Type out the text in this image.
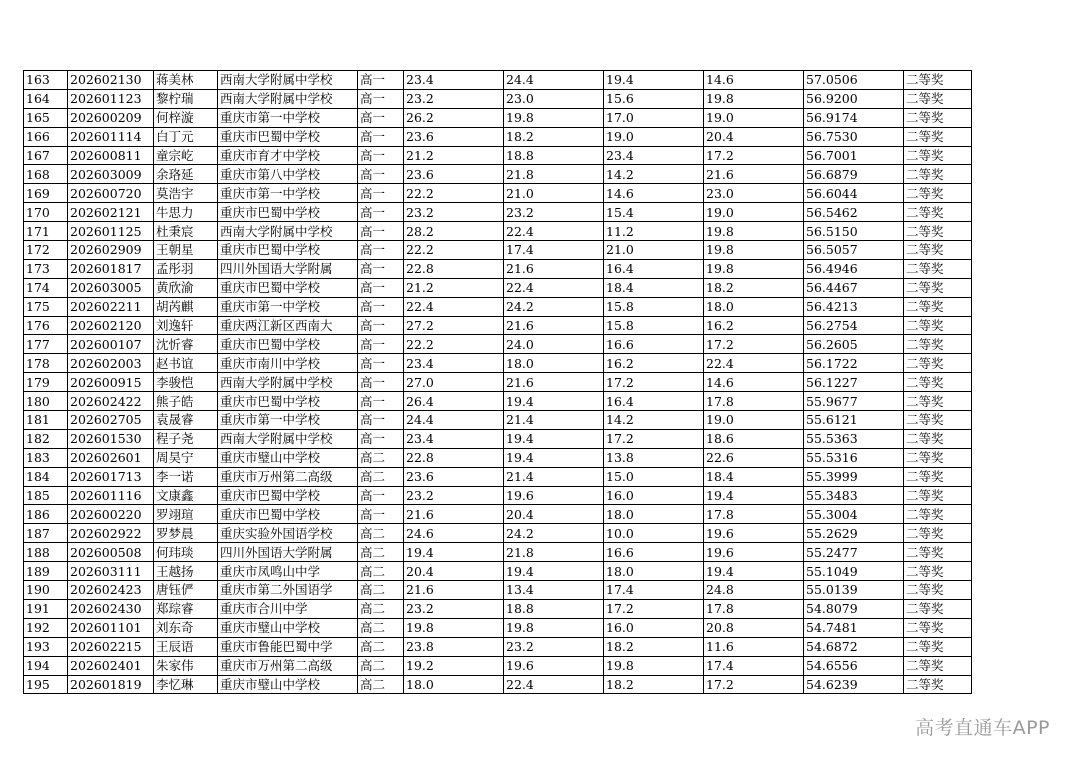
163	202602130	蒋美林	西南大学附属中学校	高一	23.4	24.4	19.4	14.6	57.0506	二等奖
164	202601123	黎柠瑞	西南大学附属中学校	高一	23.2	23.0	15.6	19.8	56.9200	二等奖
165	202600209	何梓漩	重庆市第一中学校	高一	26.2	19.8	17.0	19.0	56.9174	二等奖
166	202601114	白丁元	重庆市巴蜀中学校	高一	23.6	18.2	19.0	20.4	56.7530	二等奖
167	202600811	童宗屹	重庆市育才中学校	高一	21.2	18.8	23.4	17.2	56.7001	二等奖
168	202603009	余珞延	重庆市第八中学校	高一	23.6	21.8	14.2	21.6	56.6879	二等奖
169	202600720	莫浩宇	重庆市第一中学校	高一	22.2	21.0	14.6	23.0	56.6044	二等奖
170	202602121	牛思力	重庆市巴蜀中学校	高一	23.2	23.2	15.4	19.0	56.5462	二等奖
171	202601125	杜秉宸	西南大学附属中学校	高一	28.2	22.4	11.2	19.8	56.5150	二等奖
172	202602909	王朝星	重庆市巴蜀中学校	高一	22.2	17.4	21.0	19.8	56.5057	二等奖
173	202601817	孟彤羽	四川外国语大学附属	高一	22.8	21.6	16.4	19.8	56.4946	二等奖
174	202603005	黄欣渝	重庆市巴蜀中学校	高一	21.2	22.4	18.4	18.2	56.4467	二等奖
175	202602211	胡芮麒	重庆市第一中学校	高一	22.4	24.2	15.8	18.0	56.4213	二等奖
176	202602120	刘逸轩	重庆两江新区西南大	高一	27.2	21.6	15.8	16.2	56.2754	二等奖
177	202600107	沈忻睿	重庆市巴蜀中学校	高一	22.2	24.0	16.6	17.2	56.2605	二等奖
178	202602003	赵书谊	重庆市南川中学校	高一	23.4	18.0	16.2	22.4	56.1722	二等奖
179	202600915	李骏恺	西南大学附属中学校	高一	27.0	21.6	17.2	14.6	56.1227	二等奖
180	202602422	熊子皓	重庆市巴蜀中学校	高一	26.4	19.4	16.4	17.8	55.9677	二等奖
181	202602705	袁晟睿	重庆市第一中学校	高一	24.4	21.4	14.2	19.0	55.6121	二等奖
182	202601530	程子尧	西南大学附属中学校	高一	23.4	19.4	17.2	18.6	55.5363	二等奖
183	202602601	周昊宁	重庆市璧山中学校	高二	22.8	19.4	13.8	22.6	55.5316	二等奖
184	202601713	李一诺	重庆市万州第二高级	高二	23.6	21.4	15.0	18.4	55.3999	二等奖
185	202601116	文康鑫	重庆市巴蜀中学校	高一	23.2	19.6	16.0	19.4	55.3483	二等奖
186	202600220	罗翊瑄	重庆市巴蜀中学校	高一	21.6	20.4	18.0	17.8	55.3004	二等奖
187	202602922	罗梦晨	重庆实验外国语学校	高二	24.6	24.2	10.0	19.6	55.2629	二等奖
188	202600508	何玮琰	四川外国语大学附属	高二	19.4	21.8	16.6	19.6	55.2477	二等奖
189	202603111	王越扬	重庆市凤鸣山中学	高二	20.4	19.4	18.0	19.4	55.1049	二等奖
190	202602423	唐钰俨	重庆市第二外国语学	高二	21.6	13.4	17.4	24.8	55.0139	二等奖
191	202602430	郑琮睿	重庆市合川中学	高二	23.2	18.8	17.2	17.8	54.8079	二等奖
192	202601101	刘东奇	重庆市璧山中学校	高二	19.8	19.8	16.0	20.8	54.7481	二等奖
193	202602215	王辰语	重庆市鲁能巴蜀中学	高二	23.8	23.2	18.2	11.6	54.6872	二等奖
194	202602401	朱家伟	重庆市万州第二高级	高二	19.2	19.6	19.8	17.4	54.6556	二等奖
195	202601819	李忆琳	重庆市璧山中学校	高二	18.0	22.4	18.2	17.2	54.6239	二等奖
高考直通车APP
